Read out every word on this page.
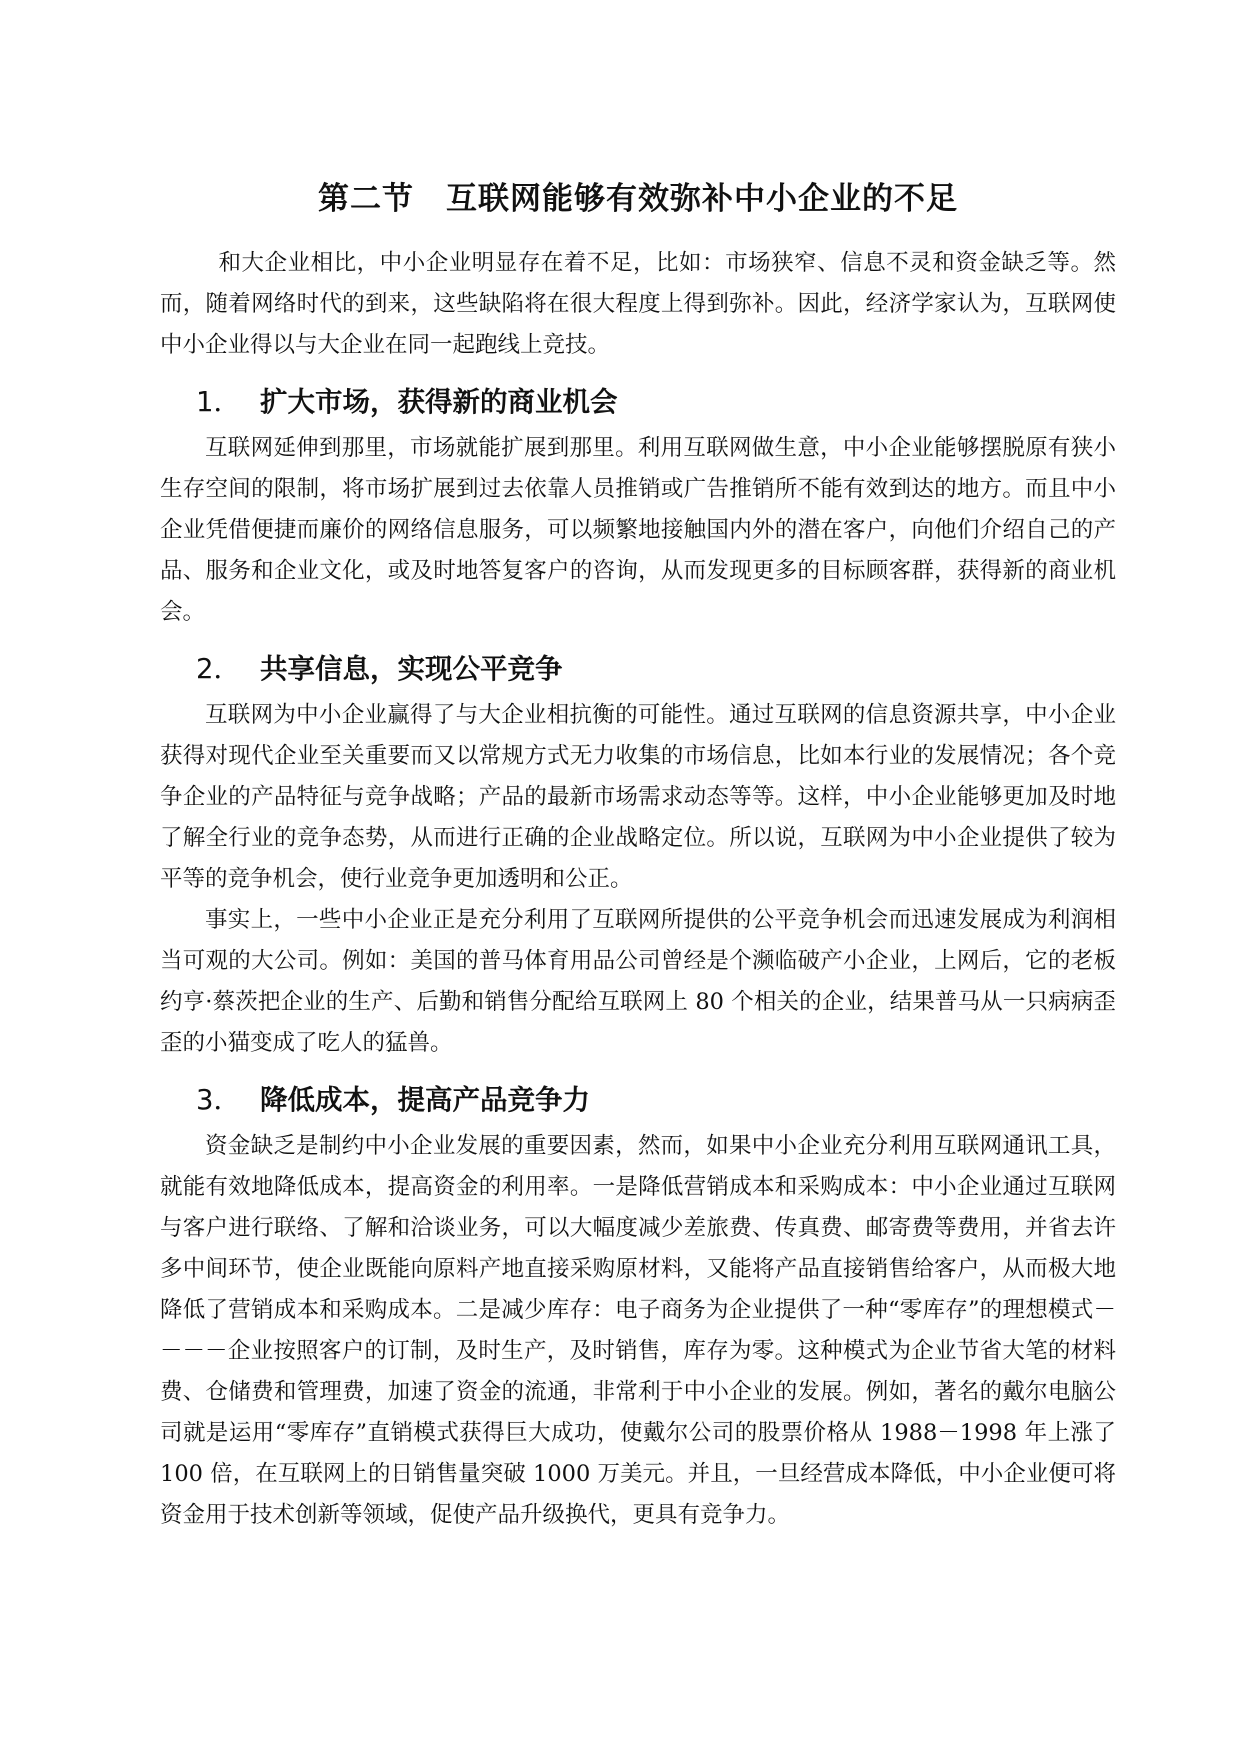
第二节　互联网能够有效弥补中小企业的不足

和大企业相比，中小企业明显存在着不足，比如：市场狭窄、信息不灵和资金缺乏等。然而，随着网络时代的到来，这些缺陷将在很大程度上得到弥补。因此，经济学家认为，互联网使中小企业得以与大企业在同一起跑线上竞技。

1． 扩大市场，获得新的商业机会

互联网延伸到那里，市场就能扩展到那里。利用互联网做生意，中小企业能够摆脱原有狭小生存空间的限制，将市场扩展到过去依靠人员推销或广告推销所不能有效到达的地方。而且中小企业凭借便捷而廉价的网络信息服务，可以频繁地接触国内外的潜在客户，向他们介绍自己的产品、服务和企业文化，或及时地答复客户的咨询，从而发现更多的目标顾客群，获得新的商业机会。

2． 共享信息，实现公平竞争

互联网为中小企业赢得了与大企业相抗衡的可能性。通过互联网的信息资源共享，中小企业获得对现代企业至关重要而又以常规方式无力收集的市场信息，比如本行业的发展情况；各个竞争企业的产品特征与竞争战略；产品的最新市场需求动态等等。这样，中小企业能够更加及时地了解全行业的竞争态势，从而进行正确的企业战略定位。所以说，互联网为中小企业提供了较为平等的竞争机会，使行业竞争更加透明和公正。

事实上，一些中小企业正是充分利用了互联网所提供的公平竞争机会而迅速发展成为利润相当可观的大公司。例如：美国的普马体育用品公司曾经是个濒临破产小企业，上网后，它的老板约亨·蔡茨把企业的生产、后勤和销售分配给互联网上 80 个相关的企业，结果普马从一只病病歪歪的小猫变成了吃人的猛兽。

3． 降低成本，提高产品竞争力

资金缺乏是制约中小企业发展的重要因素，然而，如果中小企业充分利用互联网通讯工具，就能有效地降低成本，提高资金的利用率。一是降低营销成本和采购成本：中小企业通过互联网与客户进行联络、了解和洽谈业务，可以大幅度减少差旅费、传真费、邮寄费等费用，并省去许多中间环节，使企业既能向原料产地直接采购原材料，又能将产品直接销售给客户，从而极大地降低了营销成本和采购成本。二是减少库存：电子商务为企业提供了一种“零库存”的理想模式－－－－企业按照客户的订制，及时生产，及时销售，库存为零。这种模式为企业节省大笔的材料费、仓储费和管理费，加速了资金的流通，非常利于中小企业的发展。例如，著名的戴尔电脑公司就是运用“零库存”直销模式获得巨大成功，使戴尔公司的股票价格从 1988－1998 年上涨了 100 倍，在互联网上的日销售量突破 1000 万美元。并且，一旦经营成本降低，中小企业便可将资金用于技术创新等领域，促使产品升级换代，更具有竞争力。
